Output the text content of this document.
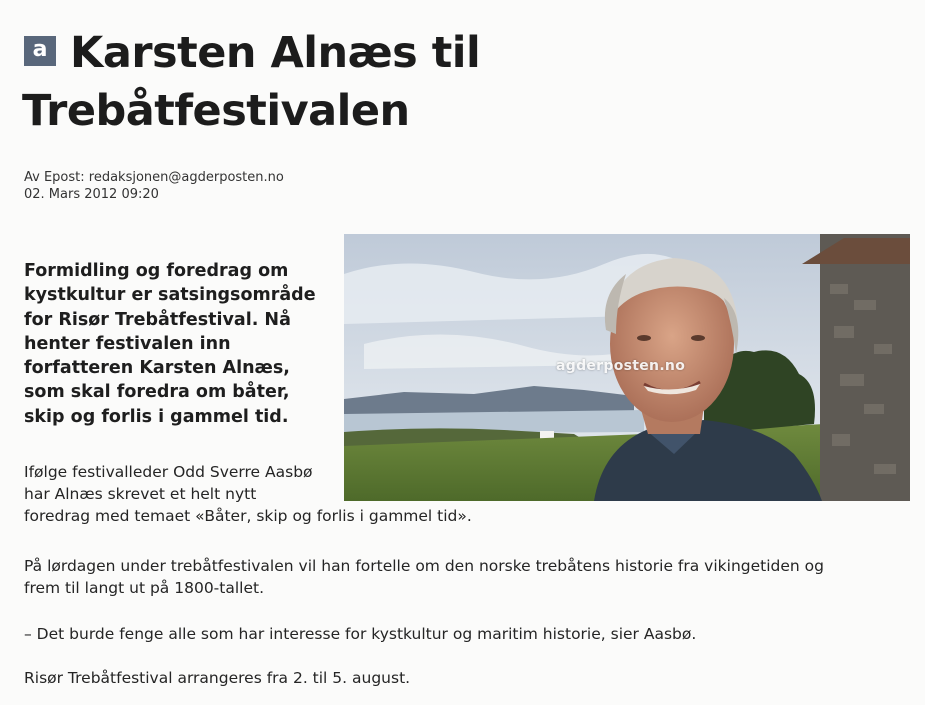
a Karsten Alnæs til
Trebåtfestivalen
Av Epost: redaksjonen@agderposten.no
02. Mars 2012 09:20
agderposten.no

Formidling og foredrag om
kystkultur er satsingsområde
for Risør Trebåtfestival. Nå
henter festivalen inn
forfatteren Karsten Alnæs,
som skal foredra om båter,
skip og forlis i gammel tid.

Ifølge festivalleder Odd Sverre Aasbø
har Alnæs skrevet et helt nytt
foredrag med temaet «Båter, skip og forlis i gammel tid».

På lørdagen under trebåtfestivalen vil han fortelle om den norske trebåtens historie fra vikingetiden og
frem til langt ut på 1800-tallet.

– Det burde fenge alle som har interesse for kystkultur og maritim historie, sier Aasbø.

Risør Trebåtfestival arrangeres fra 2. til 5. august.
